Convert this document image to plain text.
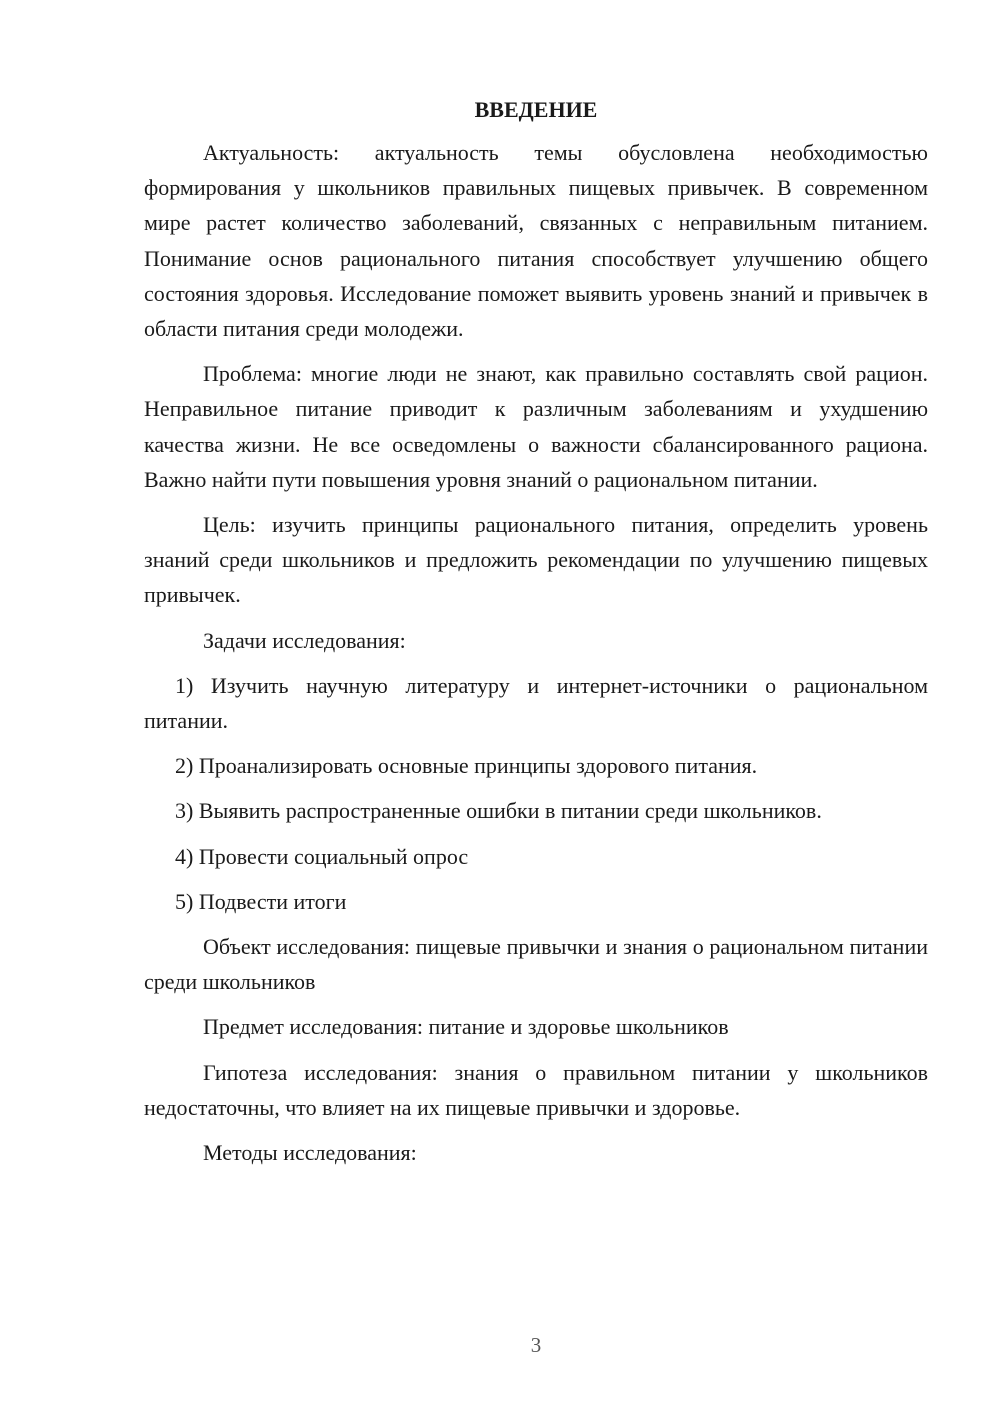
ВВЕДЕНИЕ

Актуальность: актуальность темы обусловлена необходимостью формирования у школьников правильных пищевых привычек. В современном мире растет количество заболеваний, связанных с неправильным питанием. Понимание основ рационального питания способствует улучшению общего состояния здоровья. Исследование поможет выявить уровень знаний и привычек в области питания среди молодежи.

Проблема: многие люди не знают, как правильно составлять свой рацион. Неправильное питание приводит к различным заболеваниям и ухудшению качества жизни. Не все осведомлены о важности сбалансированного рациона. Важно найти пути повышения уровня знаний о рациональном питании.

Цель: изучить принципы рационального питания, определить уровень знаний среди школьников и предложить рекомендации по улучшению пищевых привычек.

Задачи исследования:

1) Изучить научную литературу и интернет-источники о рациональном питании.

2) Проанализировать основные принципы здорового питания.

3) Выявить распространенные ошибки в питании среди школьников.

4) Провести социальный опрос

5) Подвести итоги

Объект исследования: пищевые привычки и знания о рациональном питании среди школьников

Предмет исследования: питание и здоровье школьников

Гипотеза исследования: знания о правильном питании у школьников недостаточны, что влияет на их пищевые привычки и здоровье.

Методы исследования:

3
